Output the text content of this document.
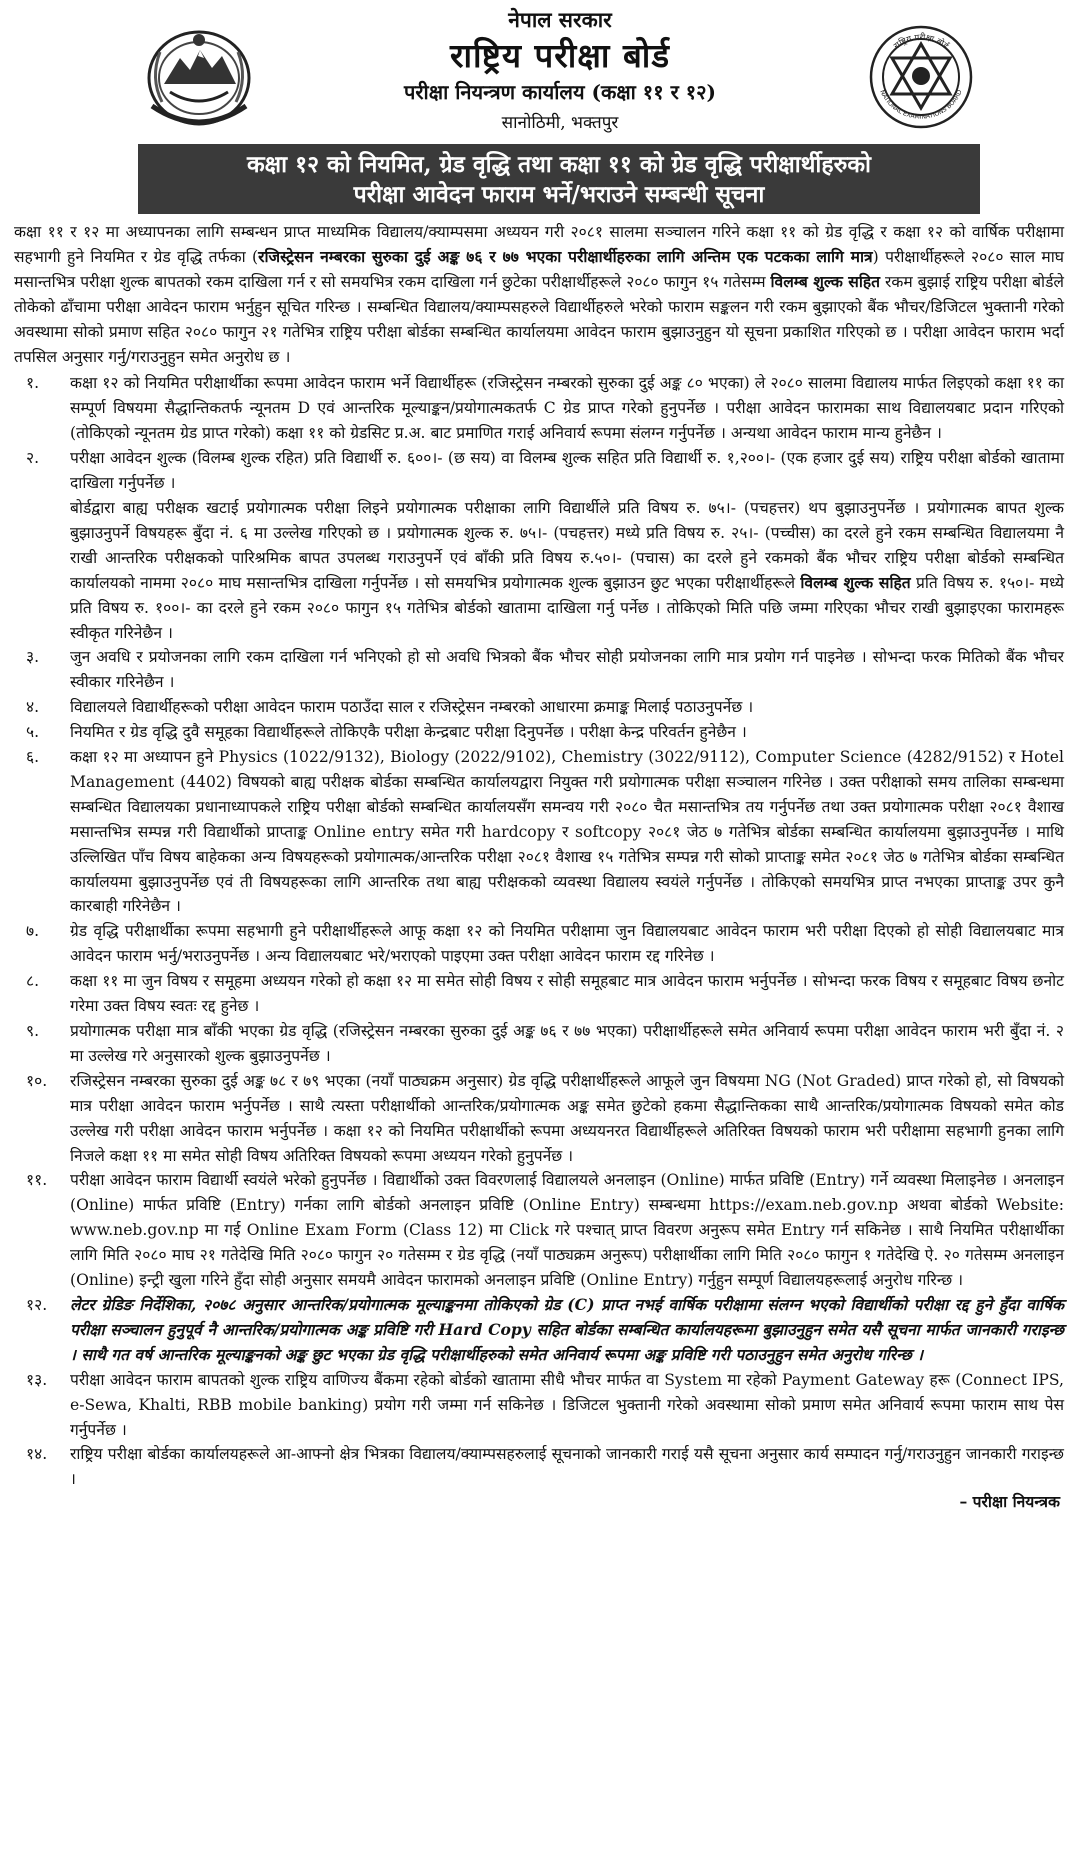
नेपाल सरकार
राष्ट्रिय परीक्षा बोर्ड
परीक्षा नियन्त्रण कार्यालय (कक्षा ११ र १२)
सानोठिमी, भक्तपुर
राष्ट्रिय परीक्षा बोर्ड
NATIONAL EXAMINATIONS BOARD
कक्षा १२ को नियमित, ग्रेड वृद्धि तथा कक्षा ११ को ग्रेड वृद्धि परीक्षार्थीहरुको
परीक्षा आवेदन फाराम भर्ने/भराउने सम्बन्धी सूचना

कक्षा ११ र १२ मा अध्यापनका लागि सम्बन्धन प्राप्त माध्यमिक विद्यालय/क्याम्पसमा अध्ययन गरी २०८१ सालमा सञ्चालन गरिने कक्षा ११ को ग्रेड वृद्धि र कक्षा १२ को वार्षिक परीक्षामा सहभागी हुने नियमित र ग्रेड वृद्धि तर्फका (रजिस्ट्रेसन नम्बरका सुरुका दुई अङ्क ७६ र ७७ भएका परीक्षार्थीहरुका लागि अन्तिम एक पटकका लागि मात्र) परीक्षार्थीहरूले २०८० साल माघ मसान्तभित्र परीक्षा शुल्क बापतको रकम दाखिला गर्न र सो समयभित्र रकम दाखिला गर्न छुटेका परीक्षार्थीहरूले २०८० फागुन १५ गतेसम्म विलम्ब शुल्क सहित रकम बुझाई राष्ट्रिय परीक्षा बोर्डले तोकेको ढाँचामा परीक्षा आवेदन फाराम भर्नुहुन सूचित गरिन्छ । सम्बन्धित विद्यालय/क्याम्पसहरुले विद्यार्थीहरुले भरेको फाराम सङ्कलन गरी रकम बुझाएको बैंक भौचर/डिजिटल भुक्तानी गरेको अवस्थामा सोको प्रमाण सहित २०८० फागुन २१ गतेभित्र राष्ट्रिय परीक्षा बोर्डका सम्बन्धित कार्यालयमा आवेदन फाराम बुझाउनुहुन यो सूचना प्रकाशित गरिएको छ । परीक्षा आवेदन फाराम भर्दा तपसिल अनुसार गर्नु/गराउनुहुन समेत अनुरोध छ ।

१.	कक्षा १२ को नियमित परीक्षार्थीका रूपमा आवेदन फाराम भर्ने विद्यार्थीहरू (रजिस्ट्रेसन नम्बरको सुरुका दुई अङ्क ८० भएका) ले २०८० सालमा विद्यालय मार्फत लिइएको कक्षा ११ का सम्पूर्ण विषयमा सैद्धान्तिकतर्फ न्यूनतम D एवं आन्तरिक मूल्याङ्कन/प्रयोगात्मकतर्फ C ग्रेड प्राप्त गरेको हुनुपर्नेछ । परीक्षा आवेदन फारामका साथ विद्यालयबाट प्रदान गरिएको (तोकिएको न्यूनतम ग्रेड प्राप्त गरेको) कक्षा ११ को ग्रेडसिट प्र.अ. बाट प्रमाणित गराई अनिवार्य रूपमा संलग्न गर्नुपर्नेछ । अन्यथा आवेदन फाराम मान्य हुनेछैन ।
२.	परीक्षा आवेदन शुल्क (विलम्ब शुल्क रहित) प्रति विद्यार्थी रु. ६००।- (छ सय) वा विलम्ब शुल्क सहित प्रति विद्यार्थी रु. १,२००।- (एक हजार दुई सय) राष्ट्रिय परीक्षा बोर्डको खातामा दाखिला गर्नुपर्नेछ ।

बोर्डद्वारा बाह्य परीक्षक खटाई प्रयोगात्मक परीक्षा लिइने प्रयोगात्मक परीक्षाका लागि विद्यार्थीले प्रति विषय रु. ७५।- (पचहत्तर) थप बुझाउनुपर्नेछ । प्रयोगात्मक बापत शुल्क बुझाउनुपर्ने विषयहरू बुँदा नं. ६ मा उल्लेख गरिएको छ । प्रयोगात्मक शुल्क रु. ७५।- (पचहत्तर) मध्ये प्रति विषय रु. २५।- (पच्चीस) का दरले हुने रकम सम्बन्धित विद्यालयमा नै राखी आन्तरिक परीक्षकको पारिश्रमिक बापत उपलब्ध गराउनुपर्ने एवं बाँकी प्रति विषय रु.५०।- (पचास) का दरले हुने रकमको बैंक भौचर राष्ट्रिय परीक्षा बोर्डको सम्बन्धित कार्यालयको नाममा २०८० माघ मसान्तभित्र दाखिला गर्नुपर्नेछ । सो समयभित्र प्रयोगात्मक शुल्क बुझाउन छुट भएका परीक्षार्थीहरूले विलम्ब शुल्क सहित प्रति विषय रु. १५०।- मध्ये प्रति विषय रु. १००।- का दरले हुने रकम २०८० फागुन १५ गतेभित्र बोर्डको खातामा दाखिला गर्नु पर्नेछ । तोकिएको मिति पछि जम्मा गरिएका भौचर राखी बुझाइएका फारामहरू स्वीकृत गरिनेछैन ।

३.	जुन अवधि र प्रयोजनका लागि रकम दाखिला गर्न भनिएको हो सो अवधि भित्रको बैंक भौचर सोही प्रयोजनका लागि मात्र प्रयोग गर्न पाइनेछ । सोभन्दा फरक मितिको बैंक भौचर स्वीकार गरिनेछैन ।
४.	विद्यालयले विद्यार्थीहरूको परीक्षा आवेदन फाराम पठाउँदा साल र रजिस्ट्रेसन नम्बरको आधारमा क्रमाङ्क मिलाई पठाउनुपर्नेछ ।
५.	नियमित र ग्रेड वृद्धि दुवै समूहका विद्यार्थीहरूले तोकिएकै परीक्षा केन्द्रबाट परीक्षा दिनुपर्नेछ । परीक्षा केन्द्र परिवर्तन हुनेछैन ।
६.	कक्षा १२ मा अध्यापन हुने Physics (1022/9132), Biology (2022/9102), Chemistry (3022/9112), Computer Science (4282/9152) र Hotel Management (4402) विषयको बाह्य परीक्षक बोर्डका सम्बन्धित कार्यालयद्वारा नियुक्त गरी प्रयोगात्मक परीक्षा सञ्चालन गरिनेछ । उक्त परीक्षाको समय तालिका सम्बन्धमा सम्बन्धित विद्यालयका प्रधानाध्यापकले राष्ट्रिय परीक्षा बोर्डको सम्बन्धित कार्यालयसँग समन्वय गरी २०८० चैत मसान्तभित्र तय गर्नुपर्नेछ तथा उक्त प्रयोगात्मक परीक्षा २०८१ वैशाख मसान्तभित्र सम्पन्न गरी विद्यार्थीको प्राप्ताङ्क Online entry समेत गरी hardcopy र softcopy २०८१ जेठ ७ गतेभित्र बोर्डका सम्बन्धित कार्यालयमा बुझाउनुपर्नेछ । माथि उल्लिखित पाँच विषय बाहेकका अन्य विषयहरूको प्रयोगात्मक/आन्तरिक परीक्षा २०८१ वैशाख १५ गतेभित्र सम्पन्न गरी सोको प्राप्ताङ्क समेत २०८१ जेठ ७ गतेभित्र बोर्डका सम्बन्धित कार्यालयमा बुझाउनुपर्नेछ एवं ती विषयहरूका लागि आन्तरिक तथा बाह्य परीक्षकको व्यवस्था विद्यालय स्वयंले गर्नुपर्नेछ । तोकिएको समयभित्र प्राप्त नभएका प्राप्ताङ्क उपर कुनै कारबाही गरिनेछैन ।
७.	ग्रेड वृद्धि परीक्षार्थीका रूपमा सहभागी हुने परीक्षार्थीहरूले आफू कक्षा १२ को नियमित परीक्षामा जुन विद्यालयबाट आवेदन फाराम भरी परीक्षा दिएको हो सोही विद्यालयबाट मात्र आवेदन फाराम भर्नु/भराउनुपर्नेछ । अन्य विद्यालयबाट भरे/भराएको पाइएमा उक्त परीक्षा आवेदन फाराम रद्द गरिनेछ ।
८.	कक्षा ११ मा जुन विषय र समूहमा अध्ययन गरेको हो कक्षा १२ मा समेत सोही विषय र सोही समूहबाट मात्र आवेदन फाराम भर्नुपर्नेछ । सोभन्दा फरक विषय र समूहबाट विषय छनोट गरेमा उक्त विषय स्वतः रद्द हुनेछ ।
९.	प्रयोगात्मक परीक्षा मात्र बाँकी भएका ग्रेड वृद्धि (रजिस्ट्रेसन नम्बरका सुरुका दुई अङ्क ७६ र ७७ भएका) परीक्षार्थीहरूले समेत अनिवार्य रूपमा परीक्षा आवेदन फाराम भरी बुँदा नं. २ मा उल्लेख गरे अनुसारको शुल्क बुझाउनुपर्नेछ ।
१०.	रजिस्ट्रेसन नम्बरका सुरुका दुई अङ्क ७८ र ७९ भएका (नयाँ पाठ्यक्रम अनुसार) ग्रेड वृद्धि परीक्षार्थीहरूले आफूले जुन विषयमा NG (Not Graded) प्राप्त गरेको हो, सो विषयको मात्र परीक्षा आवेदन फाराम भर्नुपर्नेछ । साथै त्यस्ता परीक्षार्थीको आन्तरिक/प्रयोगात्मक अङ्क समेत छुटेको हकमा सैद्धान्तिकका साथै आन्तरिक/प्रयोगात्मक विषयको समेत कोड उल्लेख गरी परीक्षा आवेदन फाराम भर्नुपर्नेछ । कक्षा १२ को नियमित परीक्षार्थीको रूपमा अध्ययनरत विद्यार्थीहरूले अतिरिक्त विषयको फाराम भरी परीक्षामा सहभागी हुनका लागि निजले कक्षा ११ मा समेत सोही विषय अतिरिक्त विषयको रूपमा अध्ययन गरेको हुनुपर्नेछ ।
११.	परीक्षा आवेदन फाराम विद्यार्थी स्वयंले भरेको हुनुपर्नेछ । विद्यार्थीको उक्त विवरणलाई विद्यालयले अनलाइन (Online) मार्फत प्रविष्टि (Entry) गर्ने व्यवस्था मिलाइनेछ । अनलाइन (Online) मार्फत प्रविष्टि (Entry) गर्नका लागि बोर्डको अनलाइन प्रविष्टि (Online Entry) सम्बन्धमा https://exam.neb.gov.np अथवा बोर्डको Website: www.neb.gov.np मा गई Online Exam Form (Class 12) मा Click गरे पश्चात् प्राप्त विवरण अनुरूप समेत Entry गर्न सकिनेछ । साथै नियमित परीक्षार्थीका लागि मिति २०८० माघ २१ गतेदेखि मिति २०८० फागुन २० गतेसम्म र ग्रेड वृद्धि (नयाँ पाठ्यक्रम अनुरूप) परीक्षार्थीका लागि मिति २०८० फागुन १ गतेदेखि ऐ. २० गतेसम्म अनलाइन (Online) इन्ट्री खुला गरिने हुँदा सोही अनुसार समयमै आवेदन फारामको अनलाइन प्रविष्टि (Online Entry) गर्नुहुन सम्पूर्ण विद्यालयहरूलाई अनुरोध गरिन्छ ।
१२.	लेटर ग्रेडिङ निर्देशिका, २०७८ अनुसार आन्तरिक/प्रयोगात्मक मूल्याङ्कनमा तोकिएको ग्रेड (C) प्राप्त नभई वार्षिक परीक्षामा संलग्न भएको विद्यार्थीको परीक्षा रद्द हुने हुँदा वार्षिक परीक्षा सञ्चालन हुनुपूर्व नै आन्तरिक/प्रयोगात्मक अङ्क प्रविष्टि गरी Hard Copy सहित बोर्डका सम्बन्धित कार्यालयहरूमा बुझाउनुहुन समेत यसै सूचना मार्फत जानकारी गराइन्छ । साथै गत वर्ष आन्तरिक मूल्याङ्कनको अङ्क छुट भएका ग्रेड वृद्धि परीक्षार्थीहरुको समेत अनिवार्य रूपमा अङ्क प्रविष्टि गरी पठाउनुहुन समेत अनुरोध गरिन्छ ।
१३.	परीक्षा आवेदन फाराम बापतको शुल्क राष्ट्रिय वाणिज्य बैंकमा रहेको बोर्डको खातामा सीधै भौचर मार्फत वा System मा रहेको Payment Gateway हरू (Connect IPS, e-Sewa, Khalti, RBB mobile banking) प्रयोग गरी जम्मा गर्न सकिनेछ । डिजिटल भुक्तानी गरेको अवस्थामा सोको प्रमाण समेत अनिवार्य रूपमा फाराम साथ पेस गर्नुपर्नेछ ।
१४.	राष्ट्रिय परीक्षा बोर्डका कार्यालयहरूले आ-आफ्नो क्षेत्र भित्रका विद्यालय/क्याम्पसहरुलाई सूचनाको जानकारी गराई यसै सूचना अनुसार कार्य सम्पादन गर्नु/गराउनुहुन जानकारी गराइन्छ ।
– परीक्षा नियन्त्रक
